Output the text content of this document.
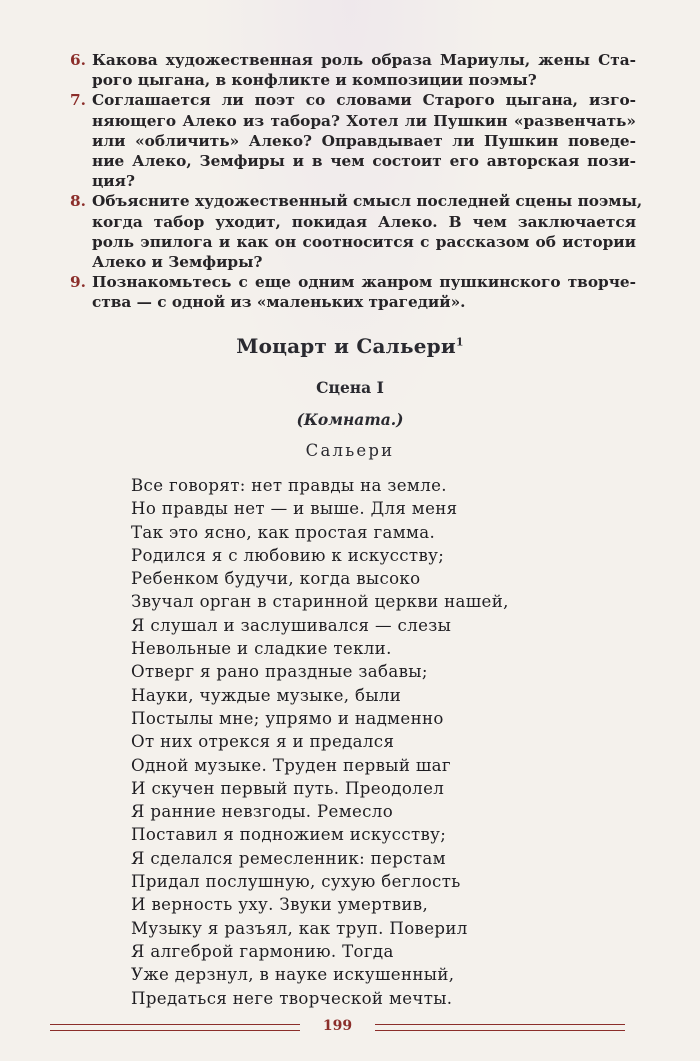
6. Какова художественная роль образа Мариулы, жены Ста-
рого цыгана, в конфликте и композиции поэмы?
7. Соглашается ли поэт со словами Старого цыгана, изго-
няющего Алеко из табора? Хотел ли Пушкин «развенчать»
или «обличить» Алеко? Оправдывает ли Пушкин поведе-
ние Алеко, Земфиры и в чем состоит его авторская пози-
ция?
8. Объясните художественный смысл последней сцены поэмы,
когда табор уходит, покидая Алеко. В чем заключается
роль эпилога и как он соотносится с рассказом об истории
Алеко и Земфиры?
9. Познакомьтесь с еще одним жанром пушкинского творче-
ства — с одной из «маленьких трагедий».
Моцарт и Сальери$^1$
Сцена I
(Комната.)
Сальери
Все говорят: нет правды на земле.
Но правды нет — и выше. Для меня
Так это ясно, как простая гамма.
Родился я с любовию к искусству;
Ребенком будучи, когда высоко
Звучал орган в старинной церкви нашей,
Я слушал и заслушивался — слезы
Невольные и сладкие текли.
Отверг я рано праздные забавы;
Науки, чуждые музыке, были
Постылы мне; упрямо и надменно
От них отрекся я и предался
Одной музыке. Труден первый шаг
И скучен первый путь. Преодолел
Я ранние невзгоды. Ремесло
Поставил я подножием искусству;
Я сделался ремесленник: перстам
Придал послушную, сухую беглость
И верность уху. Звуки умертвив,
Музыку я разъял, как труп. Поверил
Я алгеброй гармонию. Тогда
Уже дерзнул, в науке искушенный,
Предаться неге творческой мечты.
199
